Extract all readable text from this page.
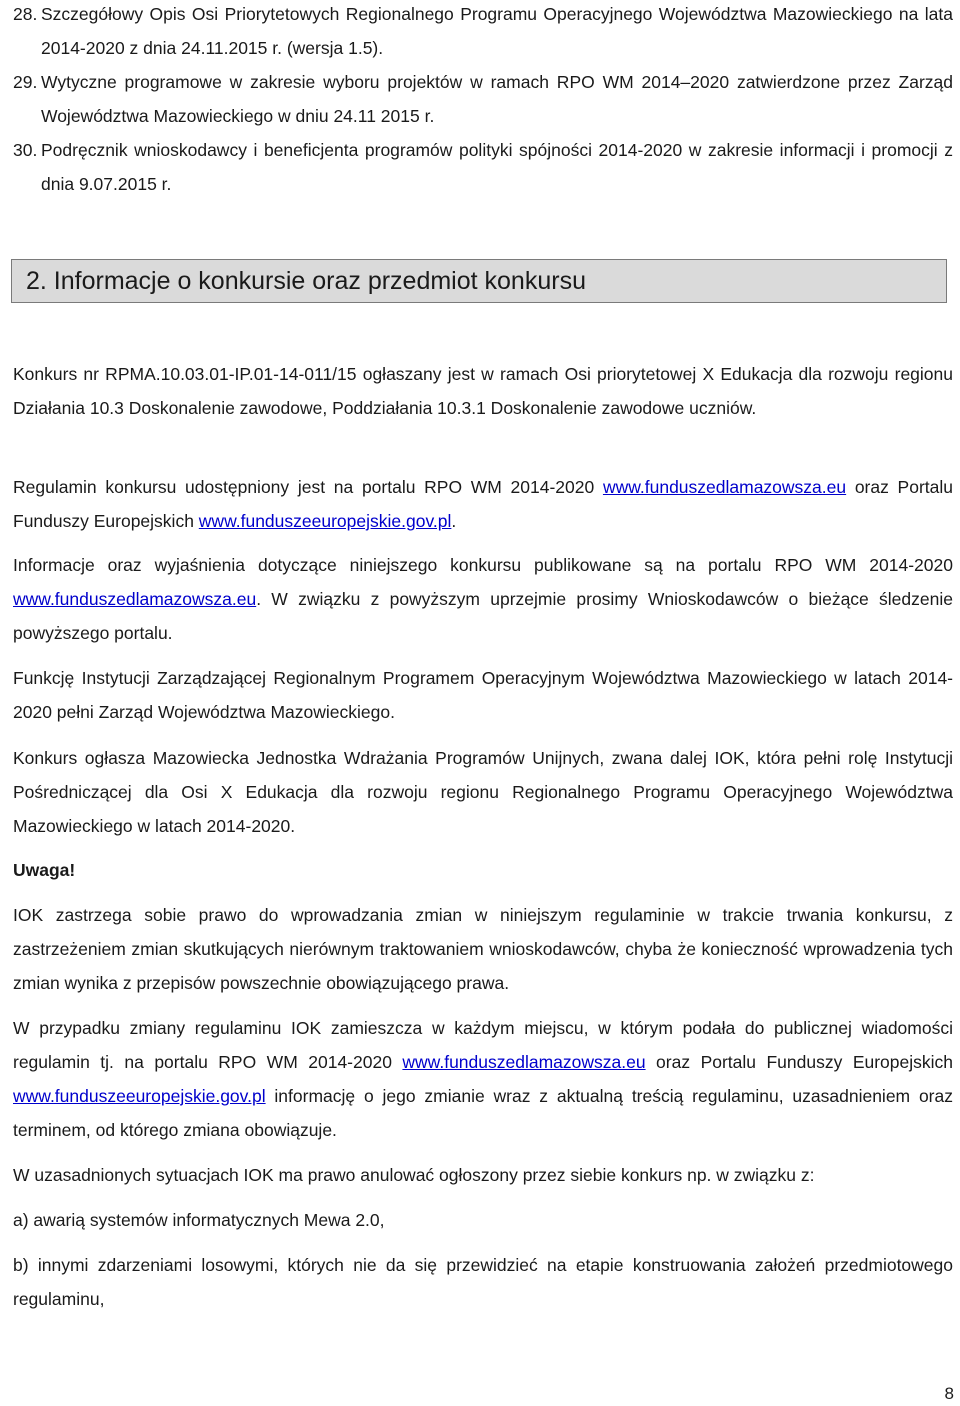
28. Szczegółowy Opis Osi Priorytetowych Regionalnego Programu Operacyjnego Województwa Mazowieckiego na lata 2014-2020 z dnia 24.11.2015 r. (wersja 1.5).
29. Wytyczne programowe w zakresie wyboru projektów w ramach RPO WM 2014–2020 zatwierdzone przez Zarząd Województwa Mazowieckiego w dniu 24.11 2015 r.
30. Podręcznik wnioskodawcy i beneficjenta programów polityki spójności 2014-2020 w zakresie informacji i promocji z dnia 9.07.2015 r.
2. Informacje o konkursie oraz przedmiot konkursu
Konkurs nr RPMA.10.03.01-IP.01-14-011/15 ogłaszany jest w ramach Osi priorytetowej X Edukacja dla rozwoju regionu Działania 10.3 Doskonalenie zawodowe, Poddziałania 10.3.1 Doskonalenie zawodowe uczniów.
Regulamin konkursu udostępniony jest na portalu RPO WM 2014-2020 www.funduszedlamazowsza.eu oraz Portalu Funduszy Europejskich www.funduszeeuropejskie.gov.pl.
Informacje oraz wyjaśnienia dotyczące niniejszego konkursu publikowane są na portalu RPO WM 2014-2020 www.funduszedlamazowsza.eu. W związku z powyższym uprzejmie prosimy Wnioskodawców o bieżące śledzenie powyższego portalu.
Funkcję Instytucji Zarządzającej Regionalnym Programem Operacyjnym Województwa Mazowieckiego w latach 2014-2020 pełni Zarząd Województwa Mazowieckiego.
Konkurs ogłasza Mazowiecka Jednostka Wdrażania Programów Unijnych, zwana dalej IOK, która pełni rolę Instytucji Pośredniczącej dla Osi X Edukacja dla rozwoju regionu Regionalnego Programu Operacyjnego Województwa Mazowieckiego w latach 2014-2020.
Uwaga!
IOK zastrzega sobie prawo do wprowadzania zmian w niniejszym regulaminie w trakcie trwania konkursu, z zastrzeżeniem zmian skutkujących nierównym traktowaniem wnioskodawców, chyba że konieczność wprowadzenia tych zmian wynika z przepisów powszechnie obowiązującego prawa.
W przypadku zmiany regulaminu IOK zamieszcza w każdym miejscu, w którym podała do publicznej wiadomości regulamin tj. na portalu RPO WM 2014-2020 www.funduszedlamazowsza.eu oraz Portalu Funduszy Europejskich www.funduszeeuropejskie.gov.pl informację o jego zmianie wraz z aktualną treścią regulaminu, uzasadnieniem oraz terminem, od którego zmiana obowiązuje.
W uzasadnionych sytuacjach IOK ma prawo anulować ogłoszony przez siebie konkurs np. w związku z:
a) awarią systemów informatycznych Mewa 2.0,
b) innymi zdarzeniami losowymi, których nie da się przewidzieć na etapie konstruowania założeń przedmiotowego regulaminu,
8
